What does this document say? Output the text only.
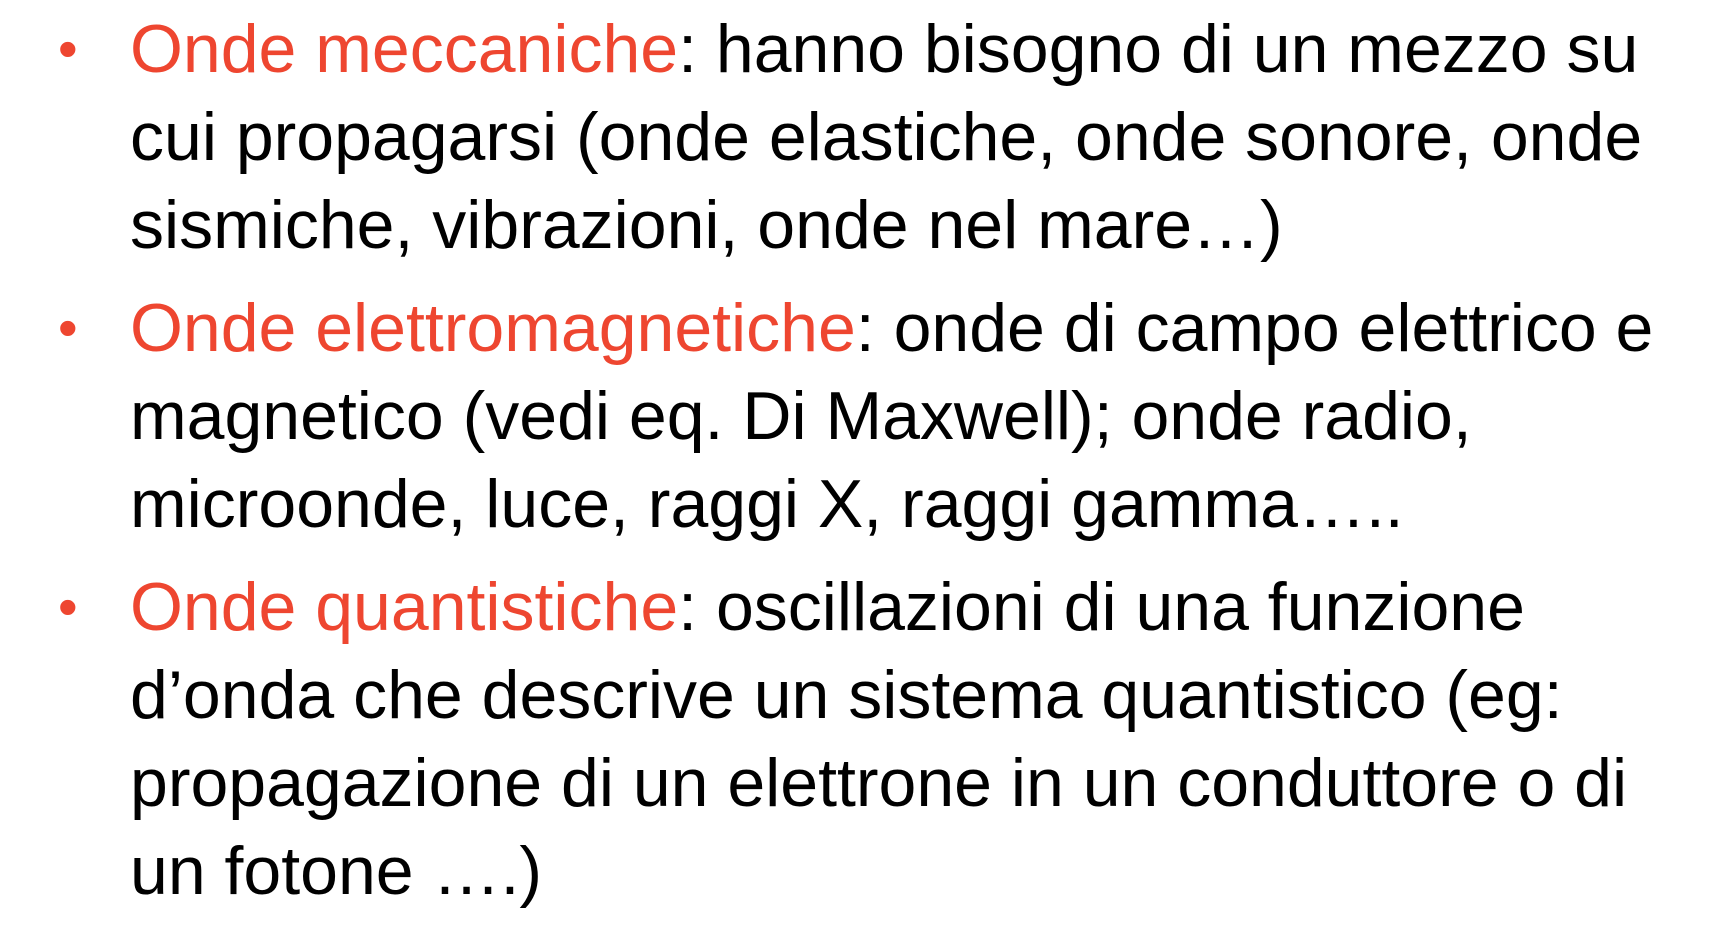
• Onde meccaniche: hanno bisogno di un mezzo su cui propagarsi (onde elastiche, onde sonore, onde sismiche, vibrazioni, onde nel mare…)
• Onde elettromagnetiche: onde di campo elettrico e magnetico (vedi eq. Di Maxwell); onde radio, microonde, luce, raggi X, raggi gamma…..
• Onde quantistiche: oscillazioni di una funzione d’onda che descrive un sistema quantistico (eg: propagazione di un elettrone in un conduttore o di un fotone ….)
